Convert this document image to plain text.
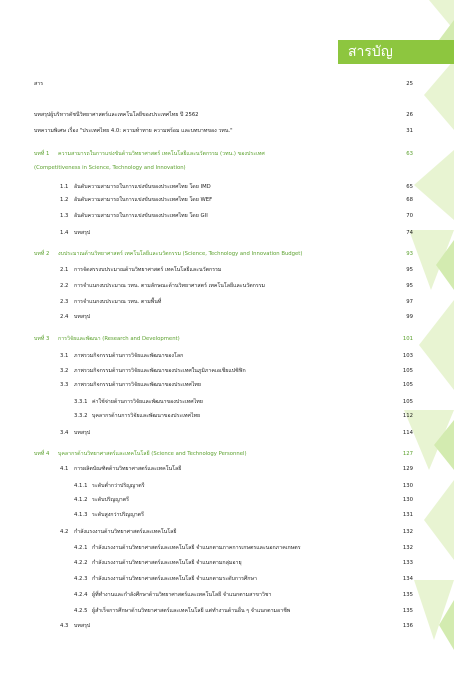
สารบัญ
สาร	25
บทสรุปผู้บริหารดัชนีวิทยาศาสตร์และเทคโนโลยีของประเทศไทย ปี 2562	26
บทความพิเศษ เรื่อง "ประเทศไทย 4.0: ความท้าทาย ความพร้อม และบทบาทของ วทน."	31
บทที่ 1 ความสามารถในการแข่งขันด้านวิทยาศาสตร์ เทคโนโลยีและนวัตกรรม (วทน.) ของประเทศ	63
(Competitiveness in Science, Technology and Innovation)
1.1 อันดับความสามารถในการแข่งขันของประเทศไทย โดย IMD	65
1.2 อันดับความสามารถในการแข่งขันของประเทศไทย โดย WEF	68
1.3 อันดับความสามารถในการแข่งขันของประเทศไทย โดย GII	70
1.4 บทสรุป	74
บทที่ 2 งบประมาณด้านวิทยาศาสตร์ เทคโนโลยีและนวัตกรรม (Science, Technology and Innovation Budget)	93
2.1 การจัดสรรงบประมาณด้านวิทยาศาสตร์ เทคโนโลยีและนวัตกรรม	95
2.2 การจำแนกงบประมาณ วทน. ตามลักษณะด้านวิทยาศาสตร์ เทคโนโลยีและนวัตกรรม	95
2.3 การจำแนกงบประมาณ วทน. ตามพื้นที่	97
2.4 บทสรุป	99
บทที่ 3 การวิจัยและพัฒนา (Research and Development)	101
3.1 ภาพรวมกิจกรรมด้านการวิจัยและพัฒนาของโลก	103
3.2 ภาพรวมกิจกรรมด้านการวิจัยและพัฒนาของประเทศในภูมิภาคเอเชียแปซิฟิก	105
3.3 ภาพรวมกิจกรรมด้านการวิจัยและพัฒนาของประเทศไทย	105
3.3.1 ค่าใช้จ่ายด้านการวิจัยและพัฒนาของประเทศไทย	105
3.3.2 บุคลากรด้านการวิจัยและพัฒนาของประเทศไทย	112
3.4 บทสรุป	114
บทที่ 4 บุคลากรด้านวิทยาศาสตร์และเทคโนโลยี (Science and Technology Personnel)	127
4.1 การผลิตบัณฑิตด้านวิทยาศาสตร์และเทคโนโลยี	129
4.1.1 ระดับต่ำกว่าปริญญาตรี	130
4.1.2 ระดับปริญญาตรี	130
4.1.3 ระดับสูงกว่าปริญญาตรี	131
4.2 กำลังแรงงานด้านวิทยาศาสตร์และเทคโนโลยี	132
4.2.1 กำลังแรงงานด้านวิทยาศาสตร์และเทคโนโลยี จำแนกตามภาคการเกษตรและนอกภาคเกษตร	132
4.2.2 กำลังแรงงานด้านวิทยาศาสตร์และเทคโนโลยี จำแนกตามกลุ่มอายุ	133
4.2.3 กำลังแรงงานด้านวิทยาศาสตร์และเทคโนโลยี จำแนกตามระดับการศึกษา	134
4.2.4 ผู้ที่ทำงานและกำลังศึกษาด้านวิทยาศาสตร์และเทคโนโลยี จำแนกตามสาขาวิชา	135
4.2.5 ผู้สำเร็จการศึกษาด้านวิทยาศาสตร์และเทคโนโลยี แต่ทำงานด้านอื่น ๆ จำแนกตามอาชีพ	135
4.3 บทสรุป	136
